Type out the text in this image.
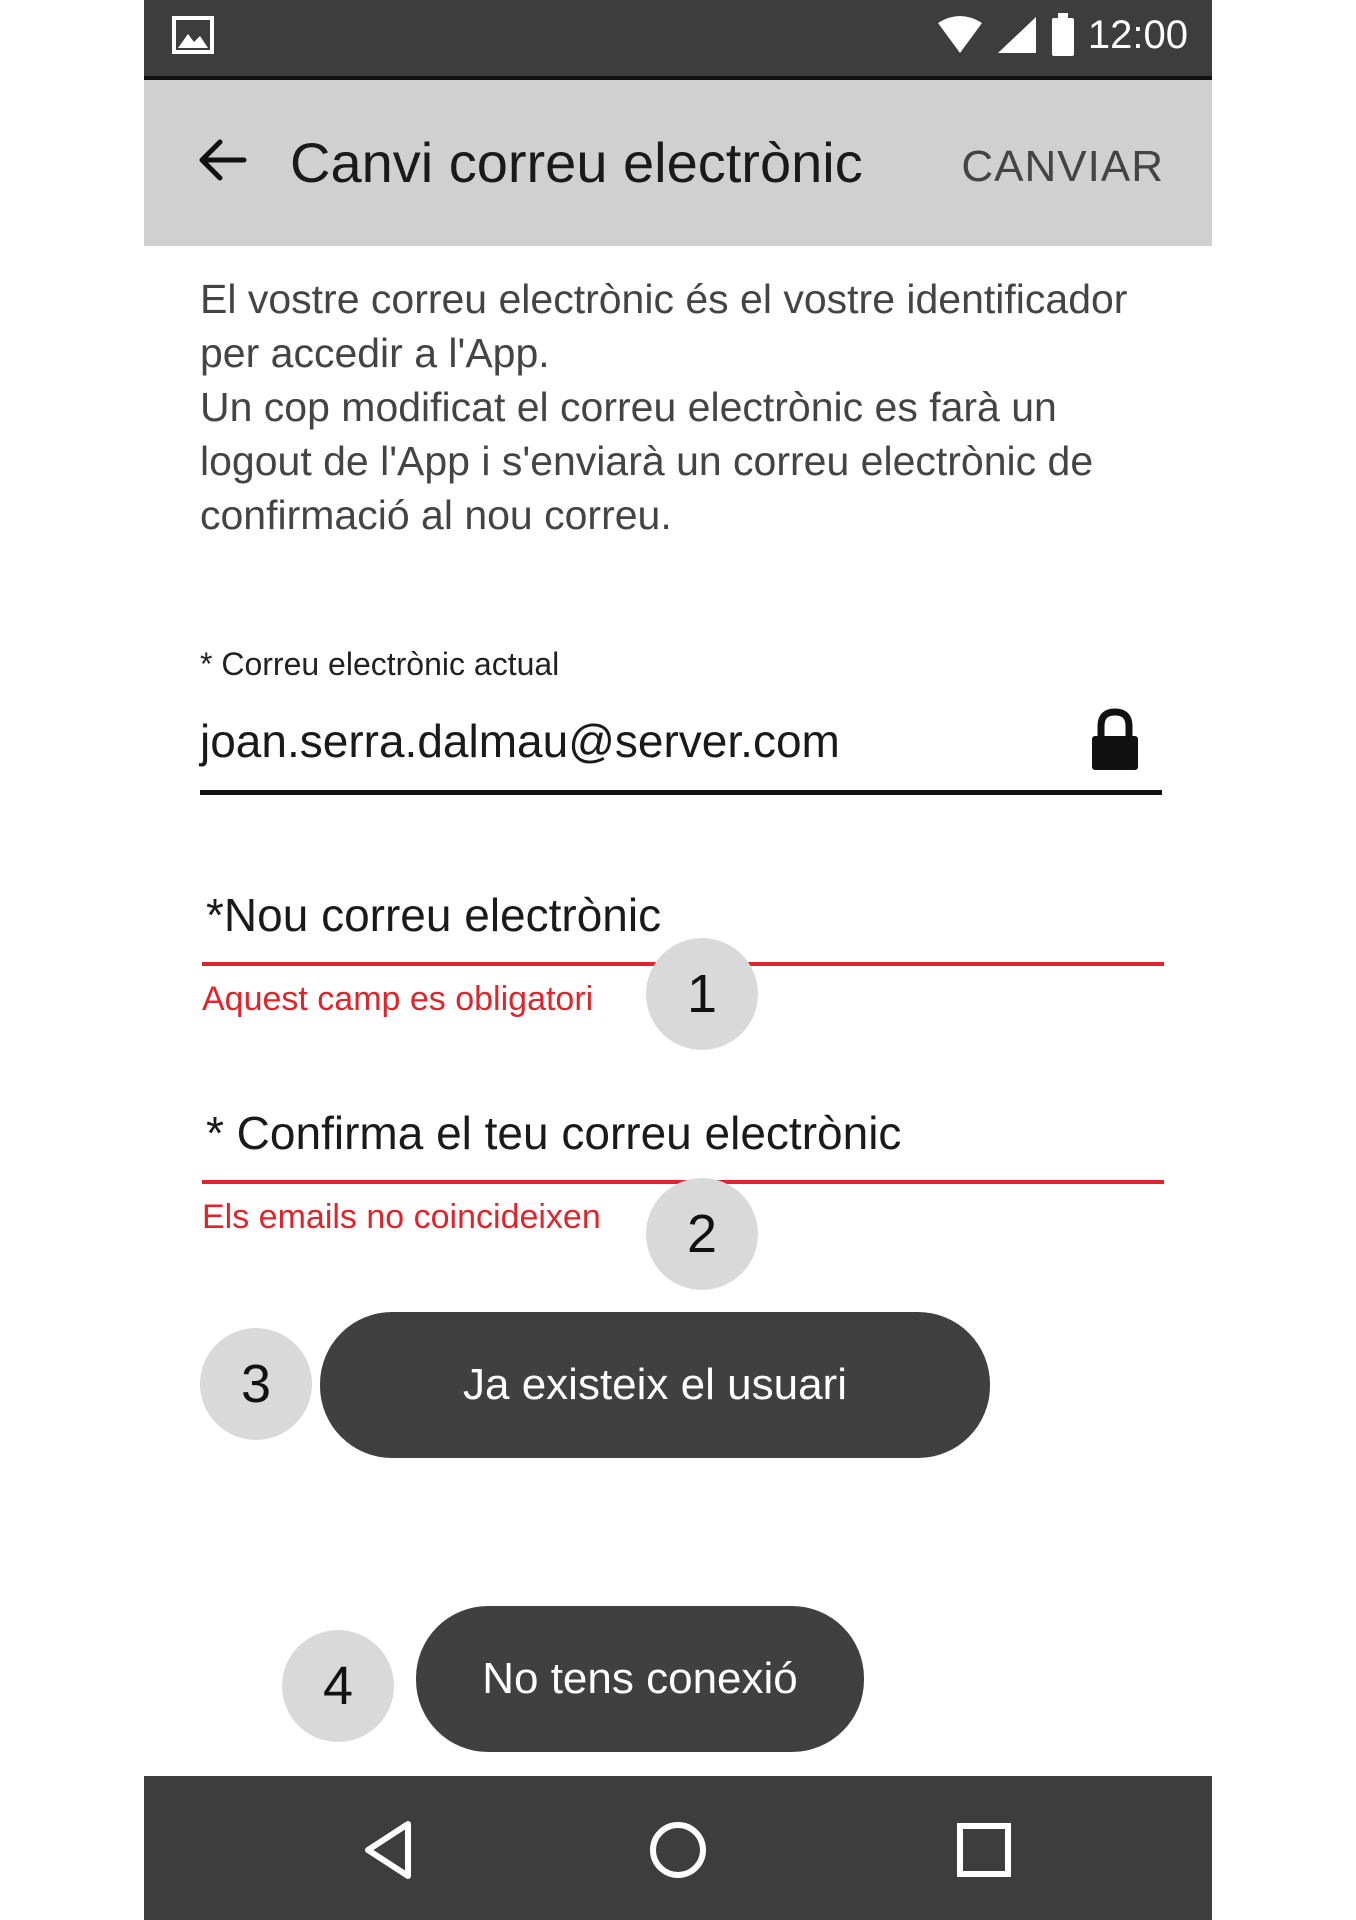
12:00
Canvi correu electrònic CANVIAR

El vostre correu electrònic és el vostre identificador per accedir a l'App.

Un cop modificat el correu electrònic es farà un logout de l'App i s'enviarà un correu electrònic de confirmació al nou correu.

* Correu electrònic actual
joan.serra.dalmau@server.com
*Nou correu electrònic
Aquest camp es obligatori	1
* Confirma el teu correu electrònic
Els emails no coincideixen	2
Ja existeix el usuari
3
No tens conexió
4
